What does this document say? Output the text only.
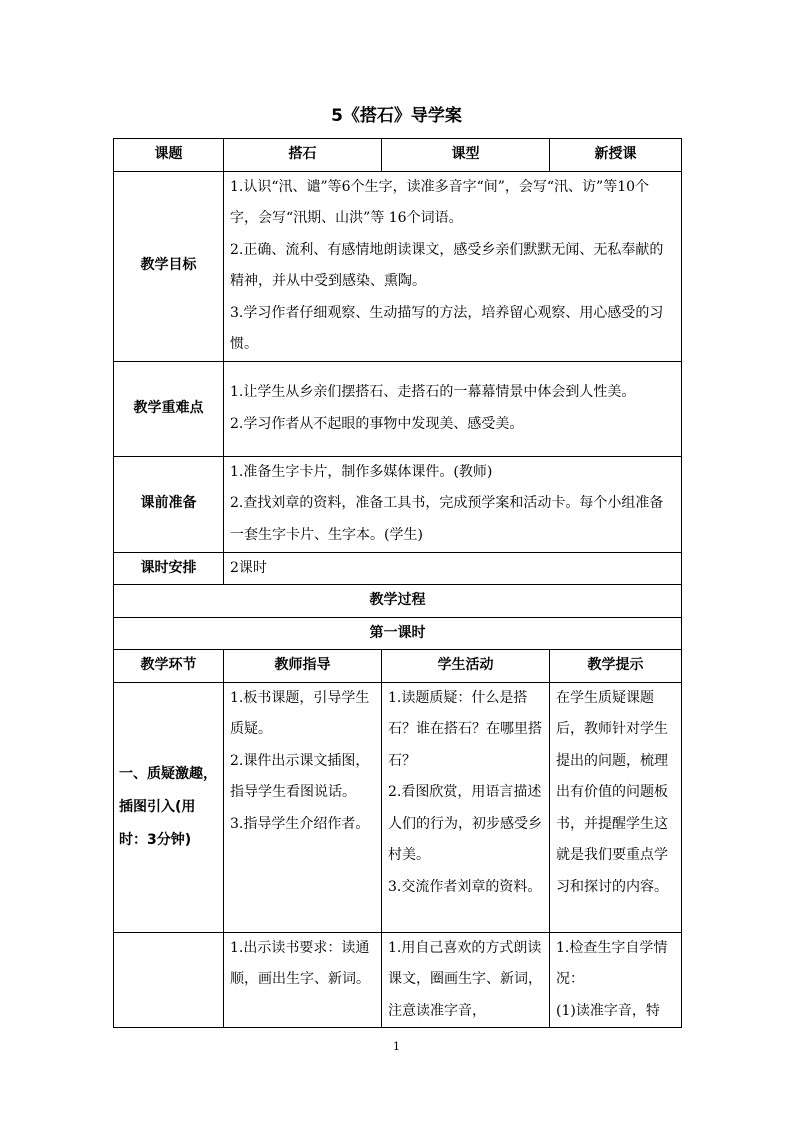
5《搭石》导学案
课题	搭石	课型	新授课
教学目标	1.认识“汛、谴”等6个生字，读准多音字“间”，会写“汛、访”等10个字，会写“汛期、山洪”等 16个词语。
2.正确、流利、有感情地朗读课文，感受乡亲们默默无闻、无私奉献的精神，并从中受到感染、熏陶。
3.学习作者仔细观察、生动描写的方法，培养留心观察、用心感受的习惯。		

教学重难点	1.让学生从乡亲们摆搭石、走搭石的一幕幕情景中体会到人性美。
2.学习作者从不起眼的事物中发现美、感受美。		

课前准备	1.准备生字卡片，制作多媒体课件。(教师)
2.查找刘章的资料，准备工具书，完成预学案和活动卡。每个小组准备一套生字卡片、生字本。(学生)		

课时安排	2课时		
教学过程			
第一课时			
教学环节	教师指导	学生活动	教学提示
一、质疑激趣，插图引入(用时：3分钟)	1.板书课题，引导学生质疑。
2.课件出示课文插图，指导学生看图说话。
3.指导学生介绍作者。	1.读题质疑：什么是搭石？谁在搭石？在哪里搭石？
2.看图欣赏，用语言描述人们的行为，初步感受乡村美。
3.交流作者刘章的资料。	在学生质疑课题后，教师针对学生提出的问题，梳理出有价值的问题板书，并提醒学生这就是我们要重点学习和探讨的内容。

	1.出示读书要求：读通顺，画出生字、新词。	1.用自己喜欢的方式朗读课文，圈画生字、新词，注意读准字音，	1.检查生字自学情况：
(1)读准字音，特
1
